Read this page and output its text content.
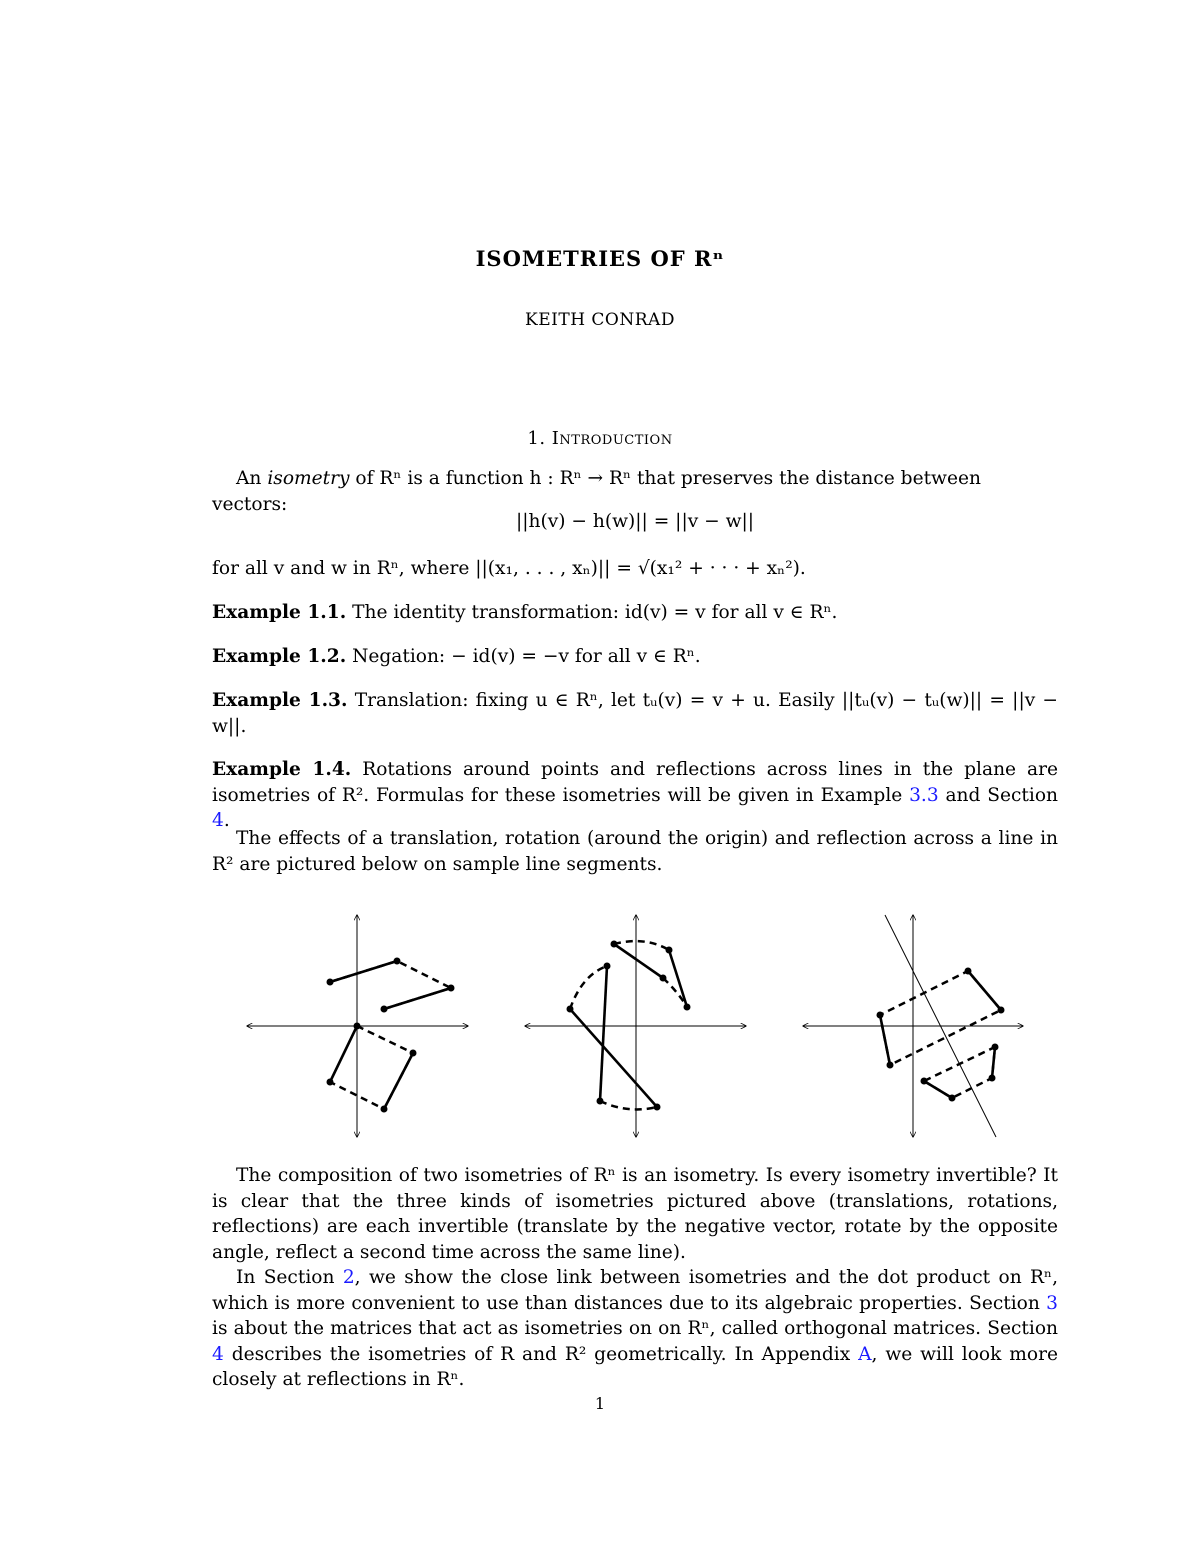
ISOMETRIES OF Rⁿ
KEITH CONRAD
1. Introduction
An isometry of Rⁿ is a function h : Rⁿ → Rⁿ that preserves the distance between vectors:
||h(v) − h(w)|| = ||v − w||
for all v and w in Rⁿ, where ||(x₁, . . . , xₙ)|| = √(x₁² + · · · + xₙ²).
Example 1.1. The identity transformation: id(v) = v for all v ∈ Rⁿ.
Example 1.2. Negation: − id(v) = −v for all v ∈ Rⁿ.
Example 1.3. Translation: fixing u ∈ Rⁿ, let tᵤ(v) = v + u. Easily ||tᵤ(v) − tᵤ(w)|| = ||v − w||.
Example 1.4. Rotations around points and reflections across lines in the plane are isometries of R². Formulas for these isometries will be given in Example 3.3 and Section 4.
The effects of a translation, rotation (around the origin) and reflection across a line in R² are pictured below on sample line segments.
The composition of two isometries of Rⁿ is an isometry. Is every isometry invertible? It is clear that the three kinds of isometries pictured above (translations, rotations, reflections) are each invertible (translate by the negative vector, rotate by the opposite angle, reflect a second time across the same line).
In Section 2, we show the close link between isometries and the dot product on Rⁿ, which is more convenient to use than distances due to its algebraic properties. Section 3 is about the matrices that act as isometries on on Rⁿ, called orthogonal matrices. Section 4 describes the isometries of R and R² geometrically. In Appendix A, we will look more closely at reflections in Rⁿ.
1
